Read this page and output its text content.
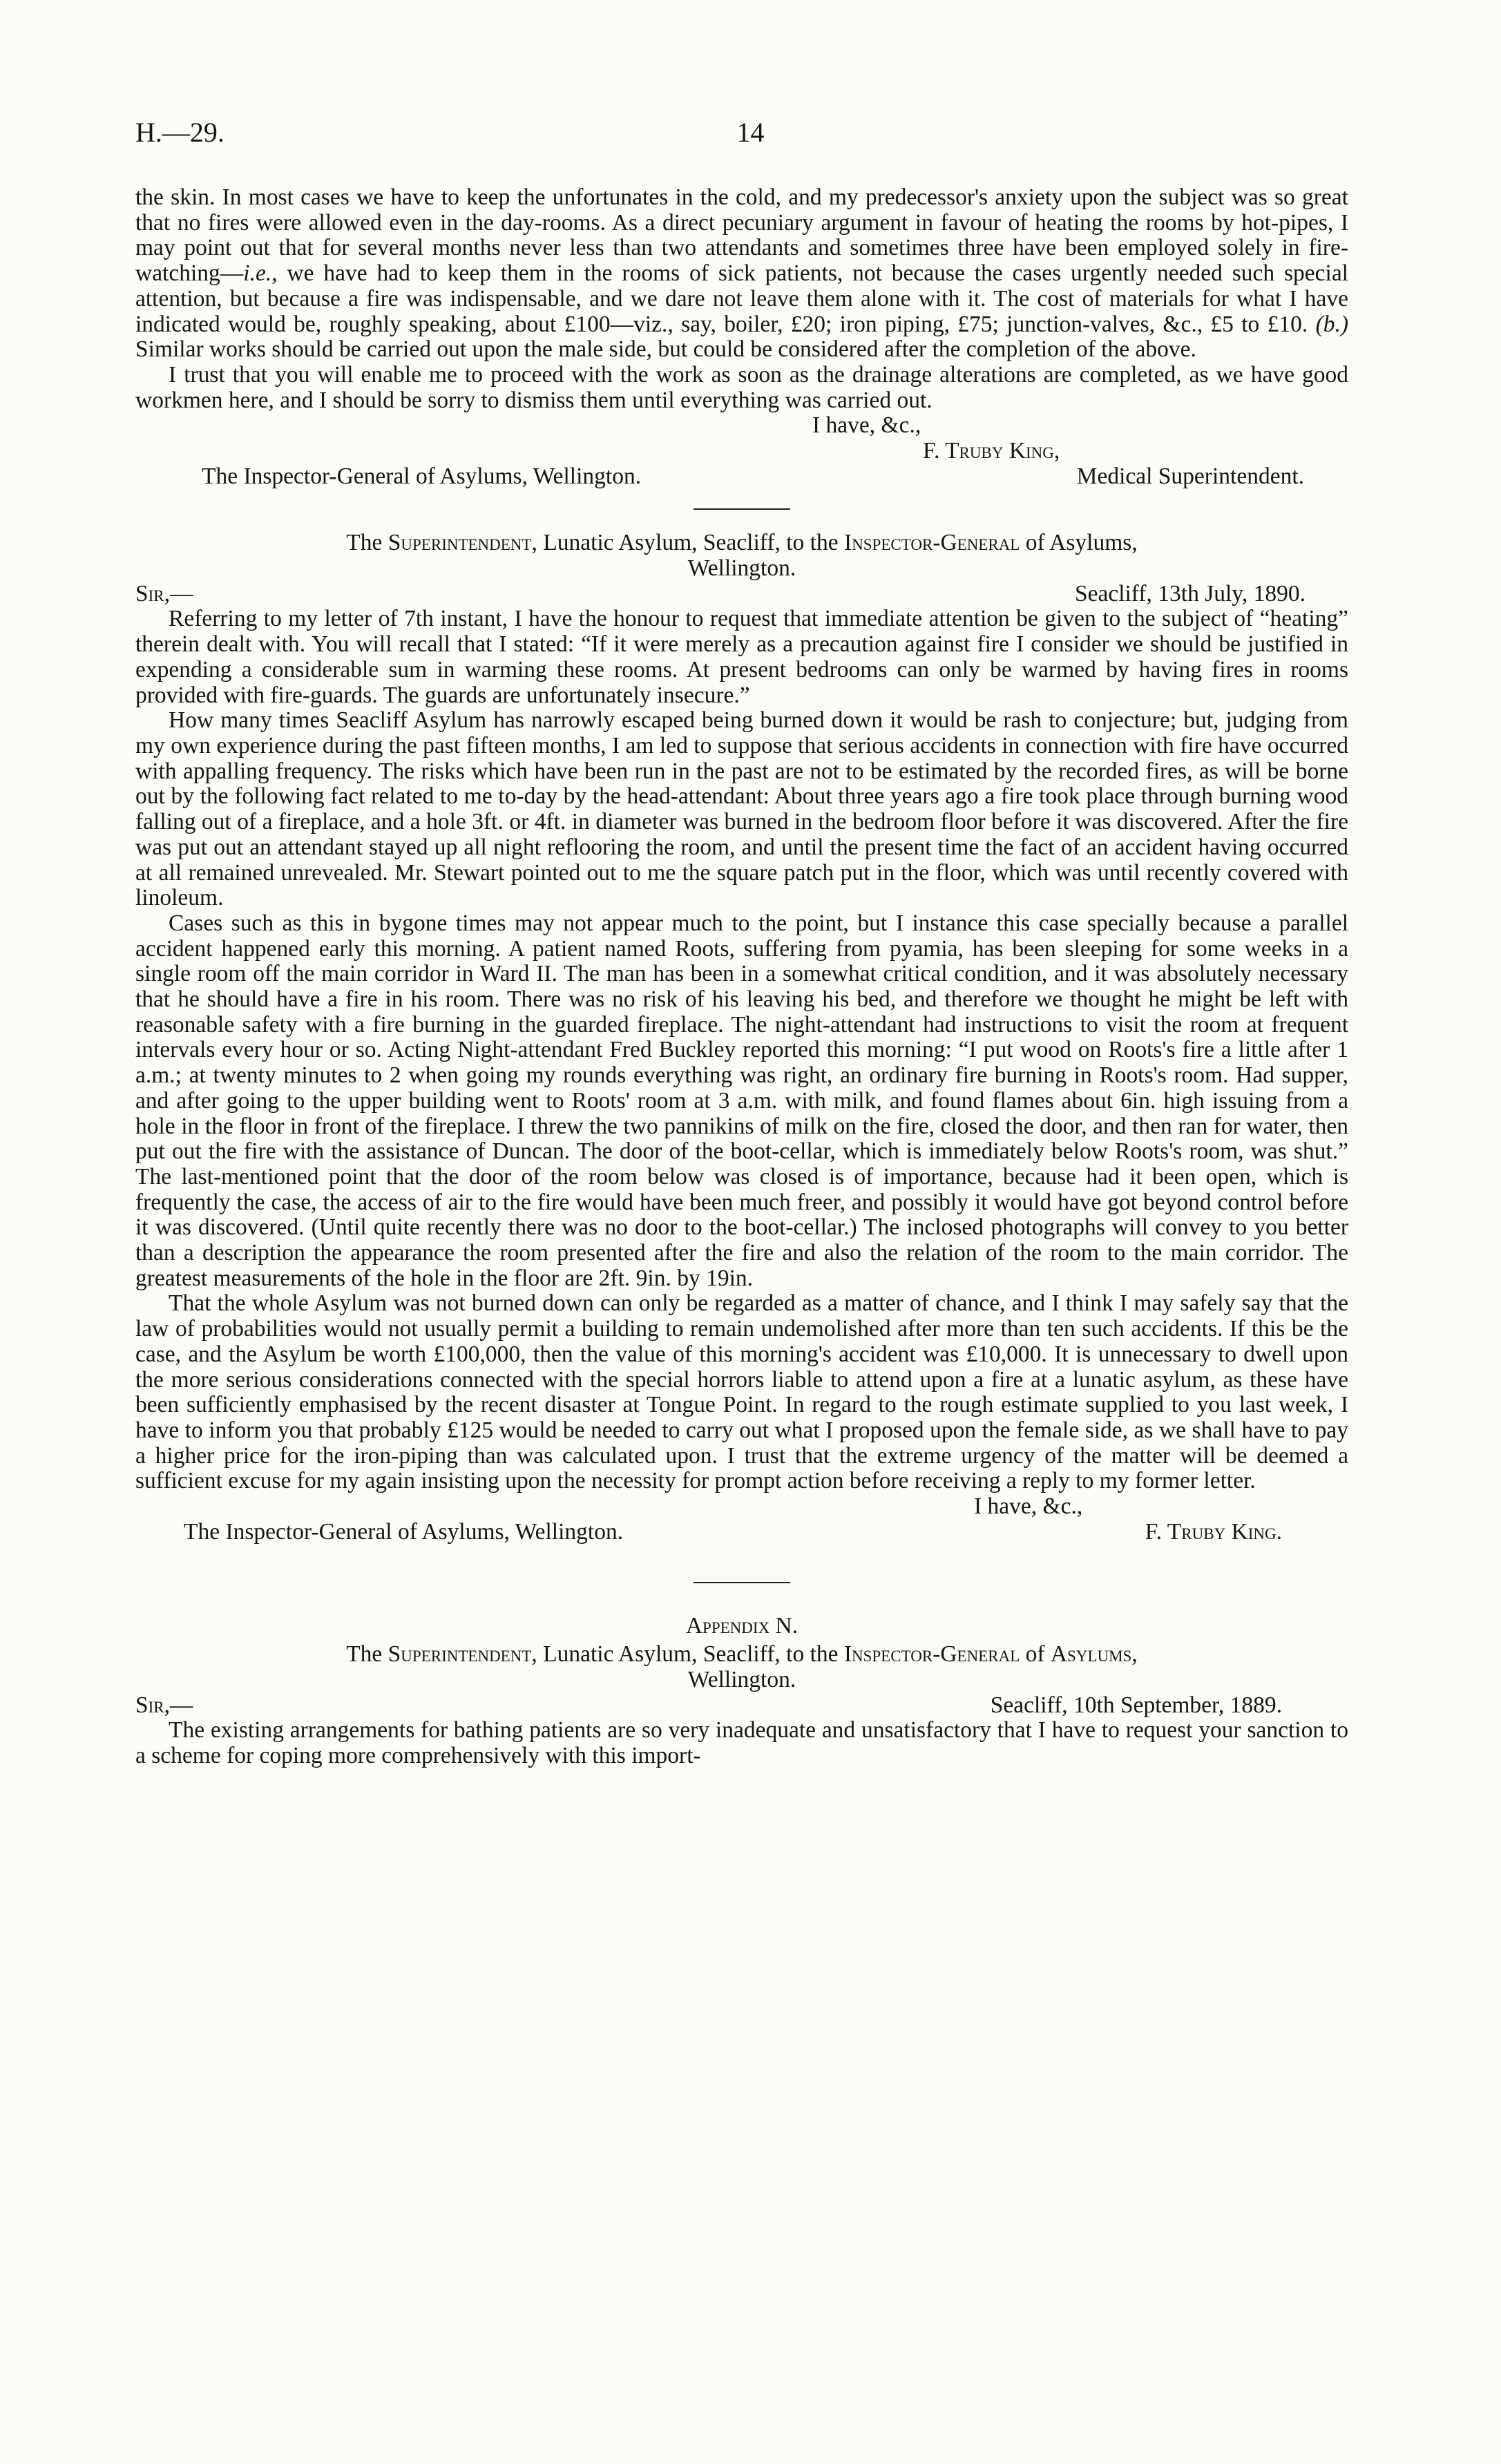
H.—29.	14

the skin. In most cases we have to keep the unfortunates in the cold, and my predecessor's anxiety upon the subject was so great that no fires were allowed even in the day-rooms. As a direct pecuniary argument in favour of heating the rooms by hot-pipes, I may point out that for several months never less than two attendants and sometimes three have been employed solely in fire-watching—i.e., we have had to keep them in the rooms of sick patients, not because the cases urgently needed such special attention, but because a fire was indispensable, and we dare not leave them alone with it. The cost of materials for what I have indicated would be, roughly speaking, about £100—viz., say, boiler, £20; iron piping, £75; junction-valves, &c., £5 to £10. (b.) Similar works should be carried out upon the male side, but could be considered after the completion of the above.

I trust that you will enable me to proceed with the work as soon as the drainage alterations are completed, as we have good workmen here, and I should be sorry to dismiss them until everything was carried out.

I have, &c.,
F. Truby King,
The Inspector-General of Asylums, Wellington.	Medical Superintendent.
The Superintendent, Lunatic Asylum, Seacliff, to the Inspector-General of Asylums,
Wellington.
Sir,—	Seacliff, 13th July, 1890.

Referring to my letter of 7th instant, I have the honour to request that immediate attention be given to the subject of “heating” therein dealt with. You will recall that I stated: “If it were merely as a precaution against fire I consider we should be justified in expending a considerable sum in warming these rooms. At present bedrooms can only be warmed by having fires in rooms provided with fire-guards. The guards are unfortunately insecure.”

How many times Seacliff Asylum has narrowly escaped being burned down it would be rash to conjecture; but, judging from my own experience during the past fifteen months, I am led to suppose that serious accidents in connection with fire have occurred with appalling frequency. The risks which have been run in the past are not to be estimated by the recorded fires, as will be borne out by the following fact related to me to-day by the head-attendant: About three years ago a fire took place through burning wood falling out of a fireplace, and a hole 3ft. or 4ft. in diameter was burned in the bedroom floor before it was discovered. After the fire was put out an attendant stayed up all night reflooring the room, and until the present time the fact of an accident having occurred at all remained unrevealed. Mr. Stewart pointed out to me the square patch put in the floor, which was until recently covered with linoleum.

Cases such as this in bygone times may not appear much to the point, but I instance this case specially because a parallel accident happened early this morning. A patient named Roots, suffering from pyamia, has been sleeping for some weeks in a single room off the main corridor in Ward II. The man has been in a somewhat critical condition, and it was absolutely necessary that he should have a fire in his room. There was no risk of his leaving his bed, and therefore we thought he might be left with reasonable safety with a fire burning in the guarded fireplace. The night-attendant had instructions to visit the room at frequent intervals every hour or so. Acting Night-attendant Fred Buckley reported this morning: “I put wood on Roots's fire a little after 1 a.m.; at twenty minutes to 2 when going my rounds everything was right, an ordinary fire burning in Roots's room. Had supper, and after going to the upper building went to Roots' room at 3 a.m. with milk, and found flames about 6in. high issuing from a hole in the floor in front of the fireplace. I threw the two pannikins of milk on the fire, closed the door, and then ran for water, then put out the fire with the assistance of Duncan. The door of the boot-cellar, which is immediately below Roots's room, was shut.” The last-mentioned point that the door of the room below was closed is of importance, because had it been open, which is frequently the case, the access of air to the fire would have been much freer, and possibly it would have got beyond control before it was discovered. (Until quite recently there was no door to the boot-cellar.) The inclosed photographs will convey to you better than a description the appearance the room presented after the fire and also the relation of the room to the main corridor. The greatest measurements of the hole in the floor are 2ft. 9in. by 19in.

That the whole Asylum was not burned down can only be regarded as a matter of chance, and I think I may safely say that the law of probabilities would not usually permit a building to remain undemolished after more than ten such accidents. If this be the case, and the Asylum be worth £100,000, then the value of this morning's accident was £10,000. It is unnecessary to dwell upon the more serious considerations connected with the special horrors liable to attend upon a fire at a lunatic asylum, as these have been sufficiently emphasised by the recent disaster at Tongue Point. In regard to the rough estimate supplied to you last week, I have to inform you that probably £125 would be needed to carry out what I proposed upon the female side, as we shall have to pay a higher price for the iron-piping than was calculated upon. I trust that the extreme urgency of the matter will be deemed a sufficient excuse for my again insisting upon the necessity for prompt action before receiving a reply to my former letter.

I have, &c.,
The Inspector-General of Asylums, Wellington.	F. Truby King.
Appendix N.
The Superintendent, Lunatic Asylum, Seacliff, to the Inspector-General of Asylums,
Wellington.
Sir,—	Seacliff, 10th September, 1889.

The existing arrangements for bathing patients are so very inadequate and unsatisfactory that I have to request your sanction to a scheme for coping more comprehensively with this import-
